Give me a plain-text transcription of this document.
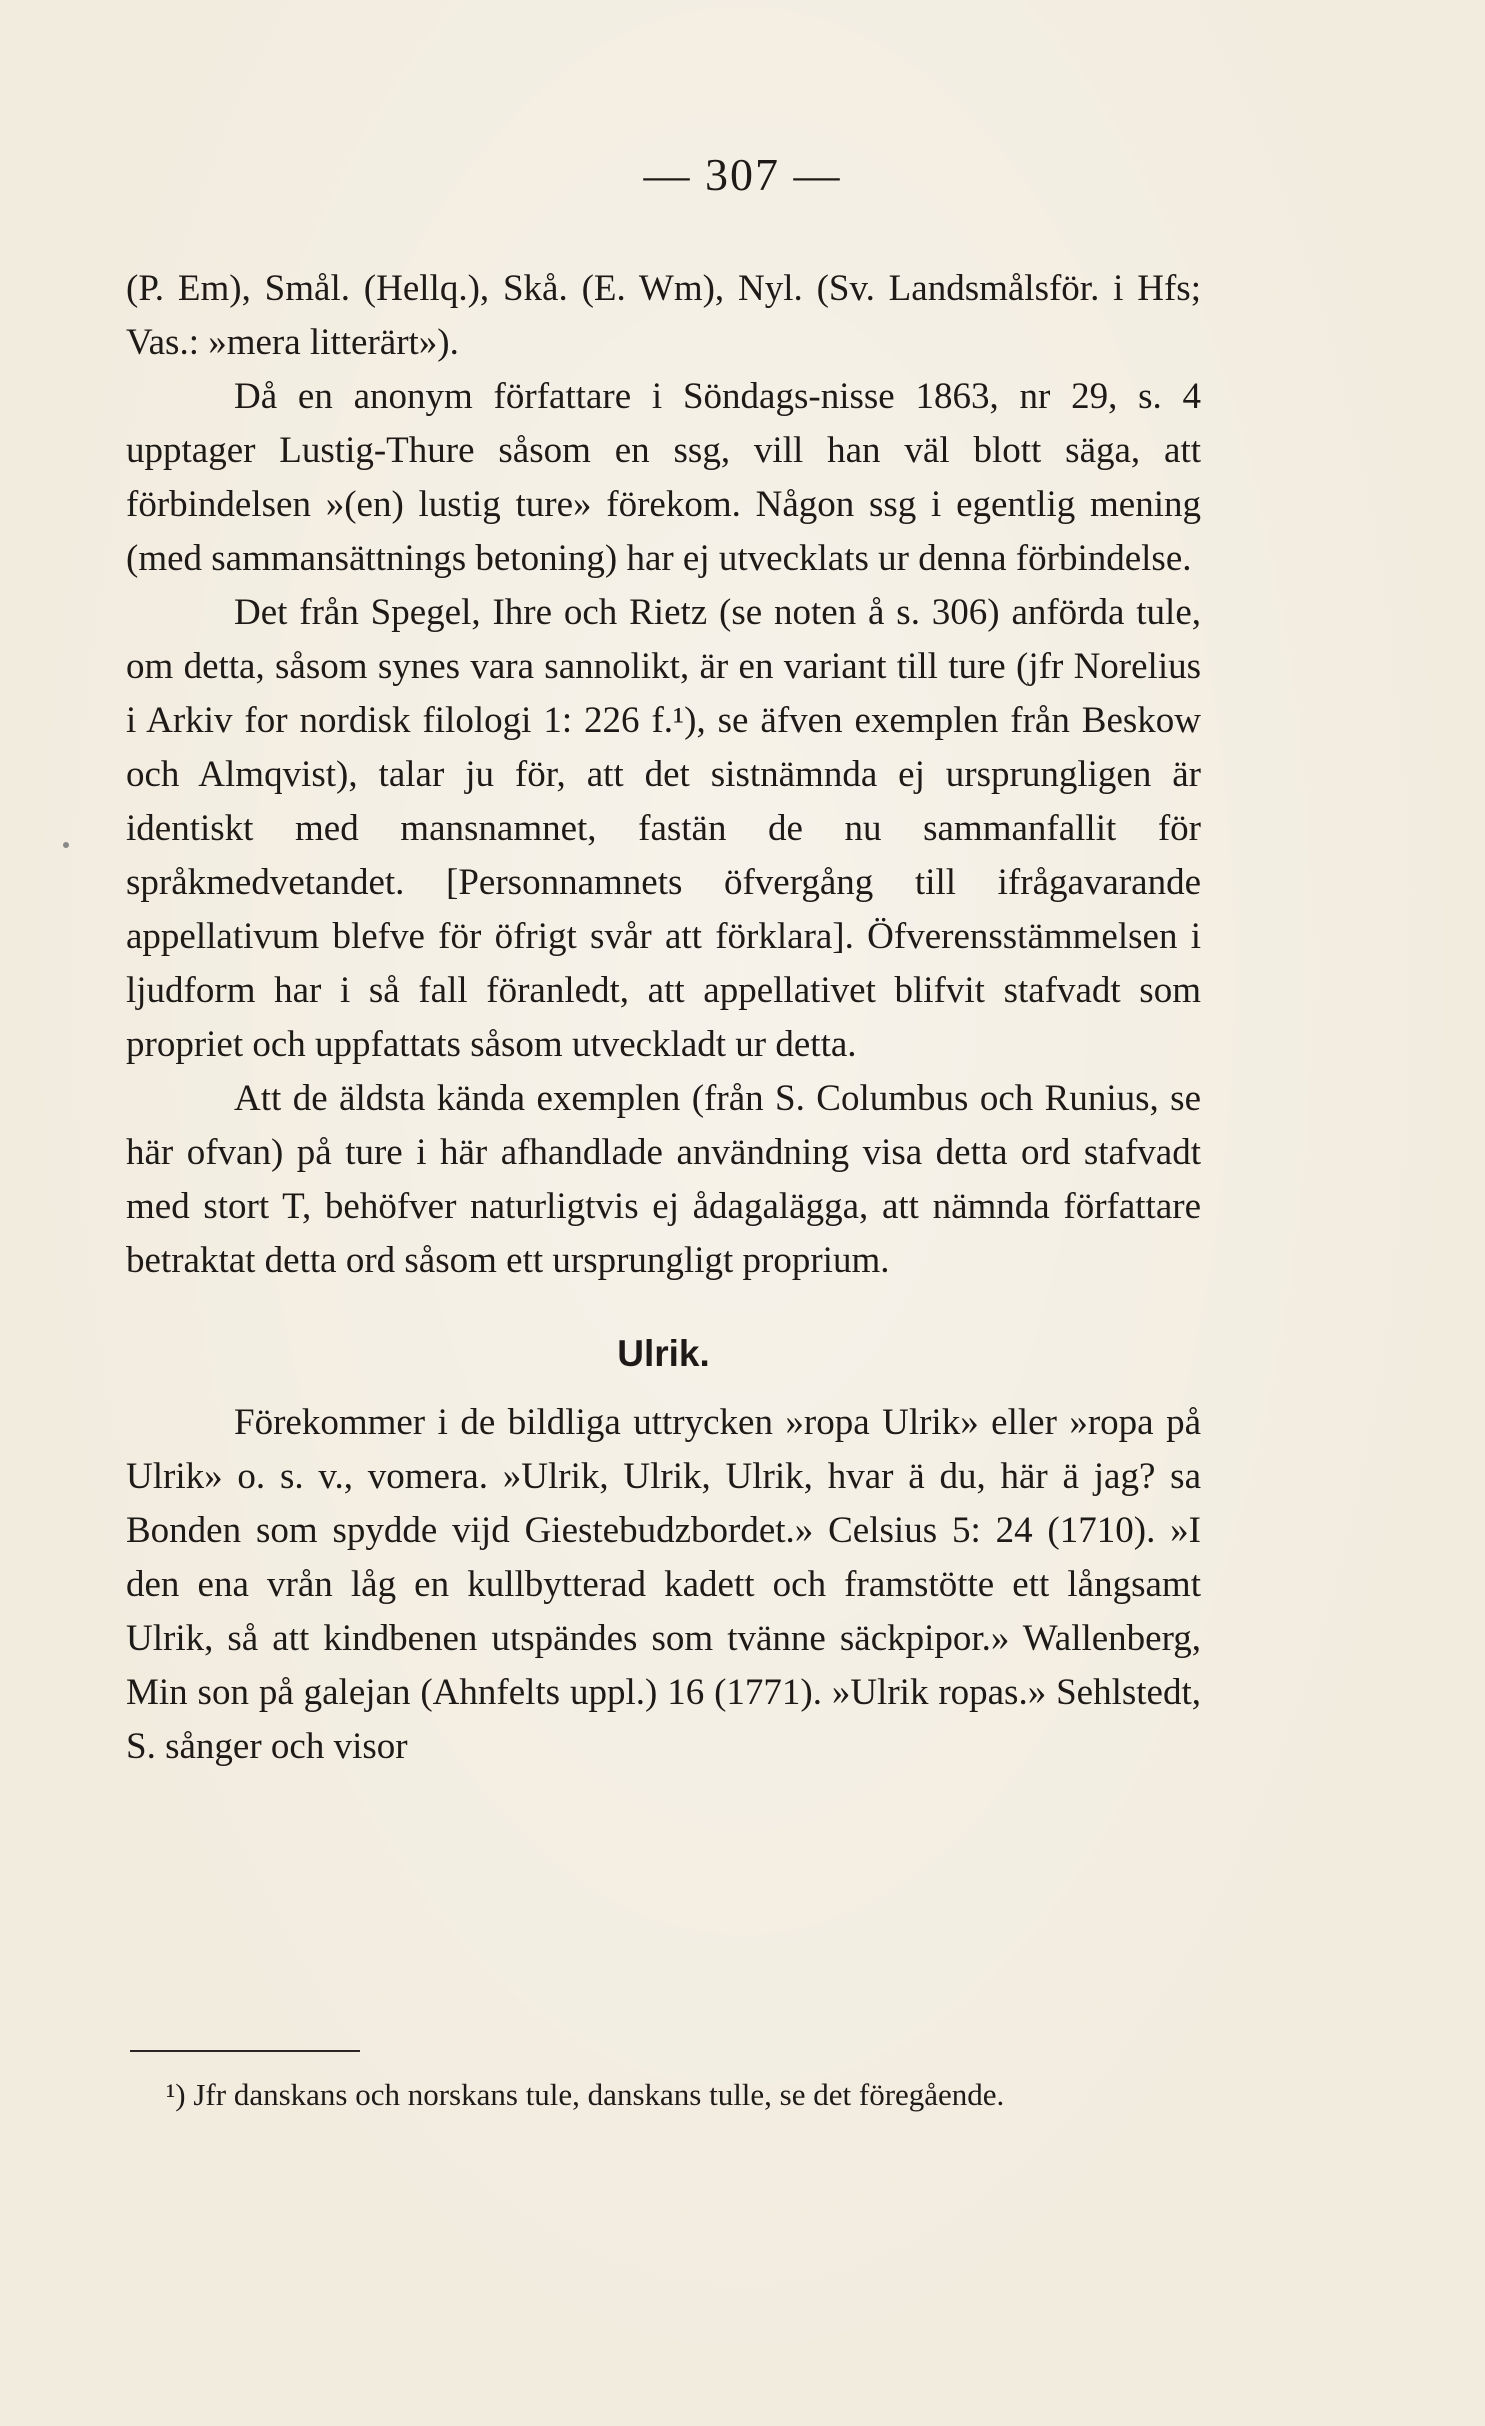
— 307 —

(P. Em), Smål. (Hellq.), Skå. (E. Wm), Nyl. (Sv. Landsmålsför. i Hfs; Vas.: »mera litterärt»).

Då en anonym författare i Söndags-nisse 1863, nr 29, s. 4 upptager Lustig-Thure såsom en ssg, vill han väl blott säga, att förbindelsen »(en) lustig ture» förekom. Någon ssg i egentlig mening (med sammansättnings betoning) har ej utvecklats ur denna förbindelse.

Det från Spegel, Ihre och Rietz (se noten å s. 306) anförda tule, om detta, såsom synes vara sannolikt, är en variant till ture (jfr Norelius i Arkiv for nordisk filologi 1: 226 f.¹), se äfven exemplen från Beskow och Almqvist), talar ju för, att det sistnämnda ej ursprungligen är identiskt med mansnamnet, fastän de nu sammanfallit för språkmedvetandet. [Personnamnets öfvergång till ifrågavarande appellativum blefve för öfrigt svår att förklara]. Öfverensstämmelsen i ljudform har i så fall föranledt, att appellativet blifvit stafvadt som propriet och uppfattats såsom utveckladt ur detta.

Att de äldsta kända exemplen (från S. Columbus och Runius, se här ofvan) på ture i här afhandlade användning visa detta ord stafvadt med stort T, behöfver naturligtvis ej ådagalägga, att nämnda författare betraktat detta ord såsom ett ursprungligt proprium.

Ulrik.

Förekommer i de bildliga uttrycken »ropa Ulrik» eller »ropa på Ulrik» o. s. v., vomera. »Ulrik, Ulrik, Ulrik, hvar ä du, här ä jag? sa Bonden som spydde vijd Giestebudzbordet.» Celsius 5: 24 (1710). »I den ena vrån låg en kullbytterad kadett och framstötte ett långsamt Ulrik, så att kindbenen utspändes som tvänne säckpipor.» Wallenberg, Min son på galejan (Ahnfelts uppl.) 16 (1771). »Ulrik ropas.» Sehlstedt, S. sånger och visor

¹) Jfr danskans och norskans tule, danskans tulle, se det föregående.
